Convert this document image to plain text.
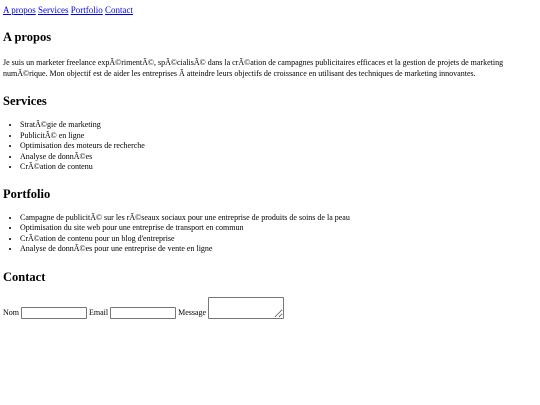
A propos Services Portfolio Contact
A propos

Je suis un marketer freelance expÃ©rimentÃ©, spÃ©cialisÃ© dans la crÃ©ation de campagnes publicitaires efficaces et la gestion de projets de marketing numÃ©rique. Mon objectif est de aider les entreprises Ã atteindre leurs objectifs de croissance en utilisant des techniques de marketing innovantes.

Services
• StratÃ©gie de marketing
• PublicitÃ© en ligne
• Optimisation des moteurs de recherche
• Analyse de donnÃ©es
• CrÃ©ation de contenu
Portfolio
• Campagne de publicitÃ© sur les rÃ©seaux sociaux pour une entreprise de produits de soins de la peau
• Optimisation du site web pour une entreprise de transport en commun
• CrÃ©ation de contenu pour un blog d'entreprise
• Analyse de donnÃ©es pour une entreprise de vente en ligne
Contact
Nom	Email	Message
